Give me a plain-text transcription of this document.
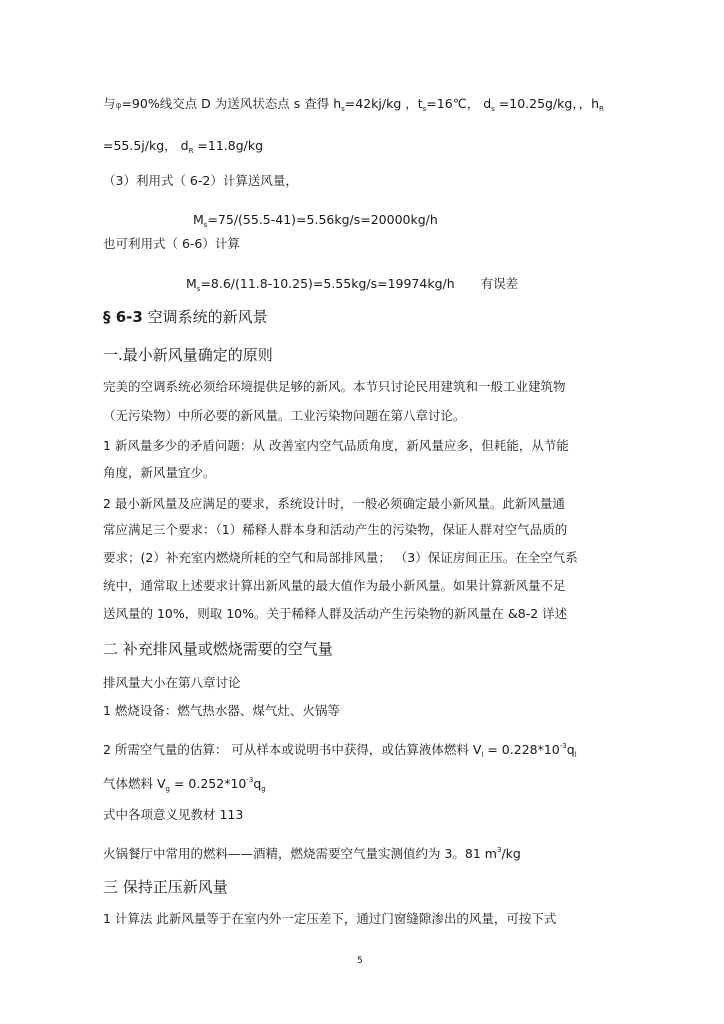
与φ=90%线交点 D 为送风状态点 s 查得 $h_s=42kj/kg$ ，$t_s=16℃$， $d_s =10.25g/kg$，，$h_R$
=55.5j/kg， $d_R =11.8g/kg$
（3）利用式（ 6-2）计算送风量，
$M_s=75/(55.5-41)=5.56kg/s=20000kg/h$
也可利用式（ 6-6）计算
$M_s=8.6/(11.8-10.25)=5.55kg/s=19974kg/h$ 有误差
§ 6-3 空调系统的新风景
一.最小新风量确定的原则
完美的空调系统必须给环境提供足够的新风。本节只讨论民用建筑和一般工业建筑物
（无污染物）中所必要的新风量。工业污染物问题在第八章讨论。
1 新风量多少的矛盾问题：从 改善室内空气品质角度，新风量应多，但耗能，从节能
角度，新风量宜少。
2 最小新风量及应满足的要求，系统设计时，一般必须确定最小新风量。此新风量通
常应满足三个要求：（1）稀释人群本身和活动产生的污染物，保证人群对空气品质的
要求；(2）补充室内燃烧所耗的空气和局部排风量； （3）保证房间正压。在全空气系
统中，通常取上述要求计算出新风量的最大值作为最小新风量。如果计算新风量不足
送风量的 10%，则取 10%。关于稀释人群及活动产生污染物的新风量在 &8-2 详述
二 补充排风量或燃烧需要的空气量
排风量大小在第八章讨论
1 燃烧设备：燃气热水器、煤气灶、火锅等
2 所需空气量的估算： 可从样本或说明书中获得，或估算液体燃料 $V_l = 0.228*10^{-3}q_l$
气体燃料 $V_g = 0.252*10^{-3}q_g$
式中各项意义见教材 113
火锅餐厅中常用的燃料——酒精，燃烧需要空气量实测值约为 3。81 $m^3/kg$
三 保持正压新风量
1 计算法 此新风量等于在室内外一定压差下，通过门窗缝隙渗出的风量，可按下式
5
